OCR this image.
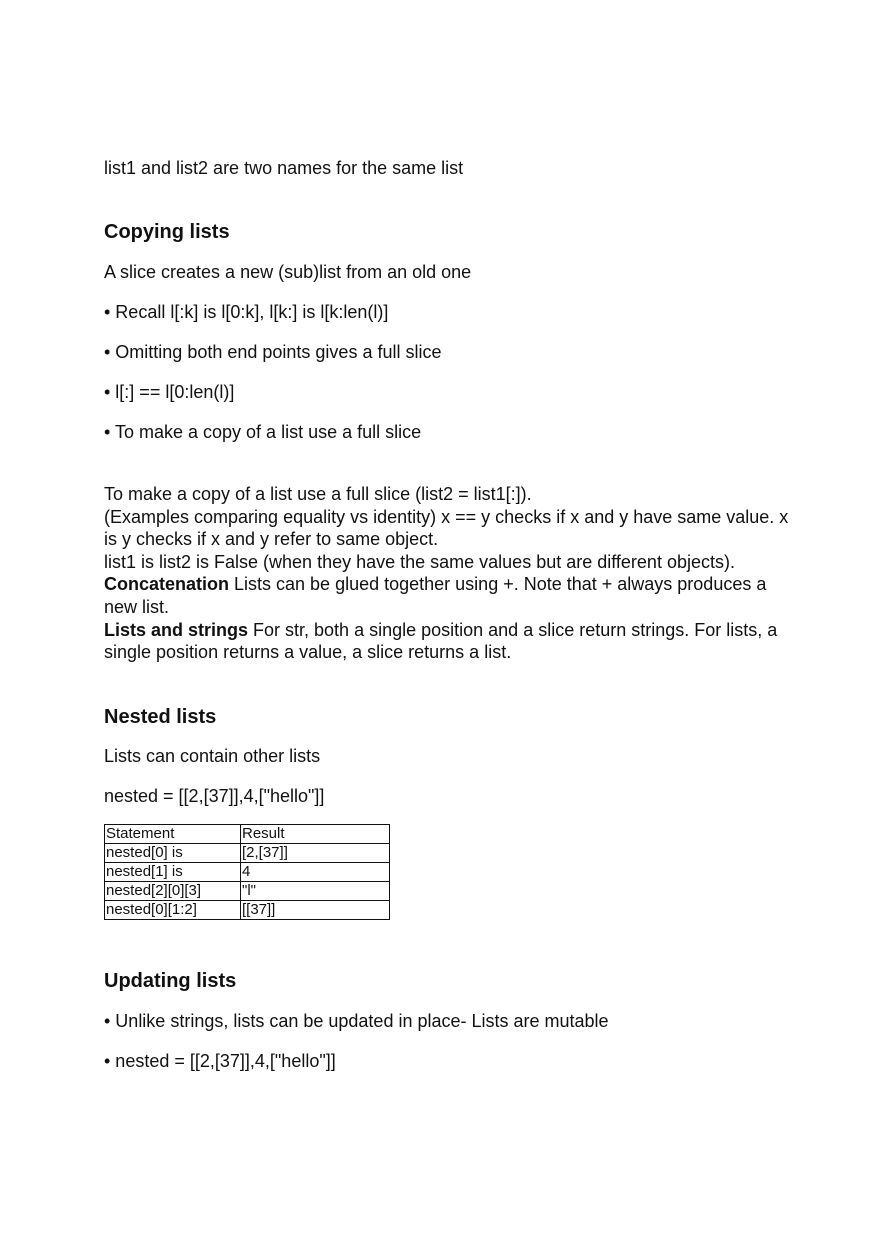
list1 and list2 are two names for the same list
Copying lists
A slice creates a new (sub)list from an old one
• Recall l[:k] is l[0:k], l[k:] is l[k:len(l)]
• Omitting both end points gives a full slice
• l[:] == l[0:len(l)]
• To make a copy of a list use a full slice
To make a copy of a list use a full slice (list2 = list1[:]).
(Examples comparing equality vs identity) x == y checks if x and y have same value. x is y checks if x and y refer to same object.
list1 is list2 is False (when they have the same values but are different objects).
Concatenation Lists can be glued together using +. Note that + always produces a new list.
Lists and strings For str, both a single position and a slice return strings. For lists, a single position returns a value, a slice returns a list.
Nested lists
Lists can contain other lists
nested = [[2,[37]],4,["hello"]]
Statement	Result
nested[0] is	[2,[37]]
nested[1] is	4
nested[2][0][3]	"l"
nested[0][1:2]	[[37]]
Updating lists
• Unlike strings, lists can be updated in place- Lists are mutable
• nested = [[2,[37]],4,["hello"]]
